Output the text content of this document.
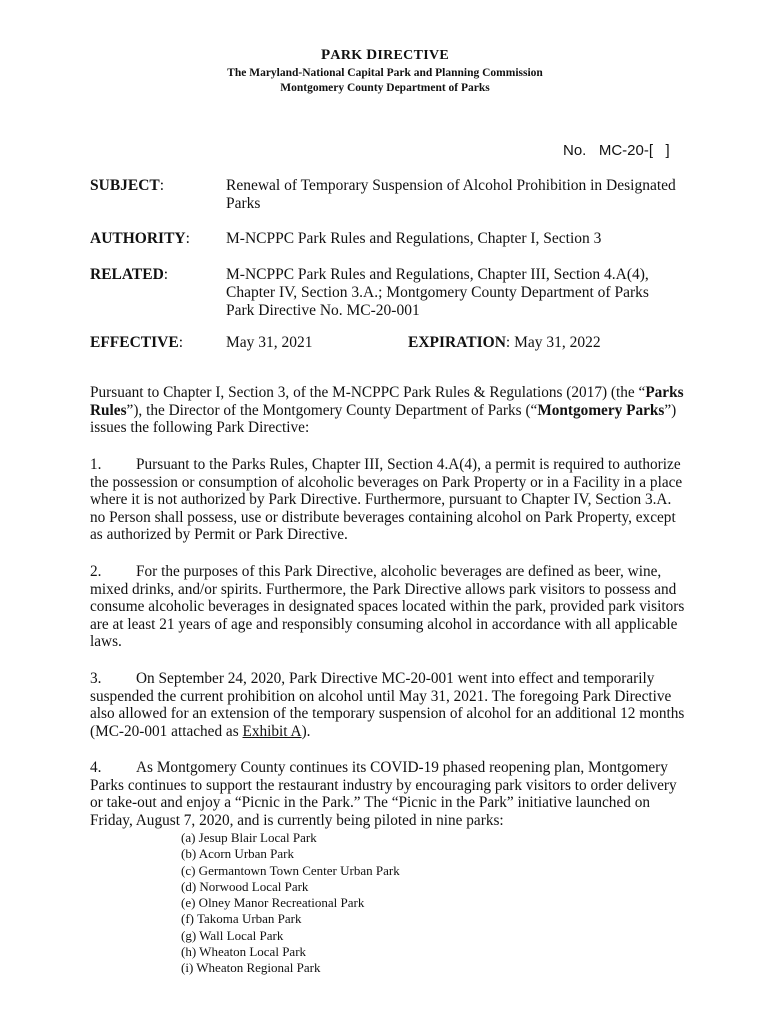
PARK DIRECTIVE
The Maryland-National Capital Park and Planning Commission
Montgomery County Department of Parks
No.   MC-20-[   ]
SUBJECT:	Renewal of Temporary Suspension of Alcohol Prohibition in Designated Parks
AUTHORITY: M-NCPPC Park Rules and Regulations, Chapter I, Section 3
RELATED:	M-NCPPC Park Rules and Regulations, Chapter III, Section 4.A(4), Chapter IV, Section 3.A.; Montgomery County Department of Parks Park Directive No. MC-20-001
EFFECTIVE:	May 31, 2021	EXPIRATION: May 31, 2022
Pursuant to Chapter I, Section 3, of the M-NCPPC Park Rules & Regulations (2017) (the “Parks Rules”), the Director of the Montgomery County Department of Parks (“Montgomery Parks”) issues the following Park Directive:
1. Pursuant to the Parks Rules, Chapter III, Section 4.A(4), a permit is required to authorize the possession or consumption of alcoholic beverages on Park Property or in a Facility in a place where it is not authorized by Park Directive. Furthermore, pursuant to Chapter IV, Section 3.A. no Person shall possess, use or distribute beverages containing alcohol on Park Property, except as authorized by Permit or Park Directive.
2. For the purposes of this Park Directive, alcoholic beverages are defined as beer, wine, mixed drinks, and/or spirits. Furthermore, the Park Directive allows park visitors to possess and consume alcoholic beverages in designated spaces located within the park, provided park visitors are at least 21 years of age and responsibly consuming alcohol in accordance with all applicable laws.
3. On September 24, 2020, Park Directive MC-20-001 went into effect and temporarily suspended the current prohibition on alcohol until May 31, 2021. The foregoing Park Directive also allowed for an extension of the temporary suspension of alcohol for an additional 12 months (MC-20-001 attached as Exhibit A).
4. As Montgomery County continues its COVID-19 phased reopening plan, Montgomery Parks continues to support the restaurant industry by encouraging park visitors to order delivery or take-out and enjoy a “Picnic in the Park.” The “Picnic in the Park” initiative launched on Friday, August 7, 2020, and is currently being piloted in nine parks:
(a) Jesup Blair Local Park
(b) Acorn Urban Park
(c) Germantown Town Center Urban Park
(d) Norwood Local Park
(e) Olney Manor Recreational Park
(f) Takoma Urban Park
(g) Wall Local Park
(h) Wheaton Local Park
(i) Wheaton Regional Park
